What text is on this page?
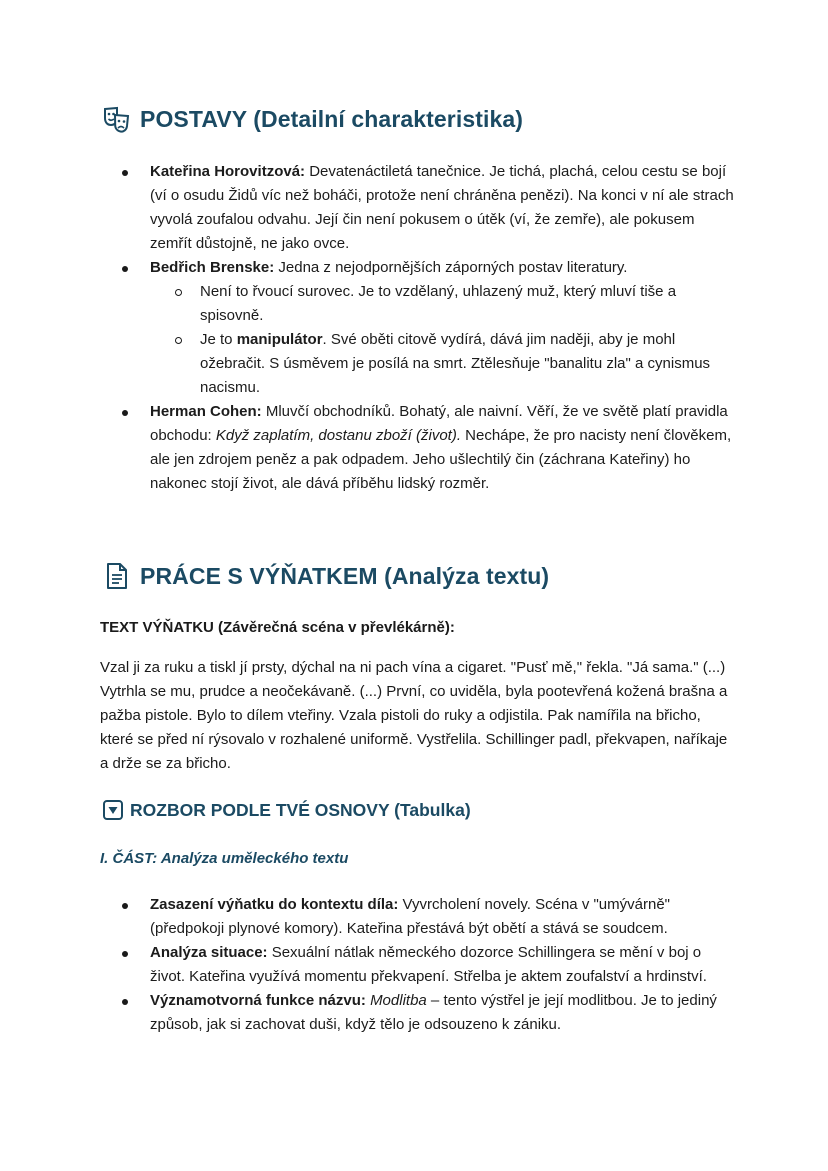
POSTAVY (Detailní charakteristika)
Kateřina Horovitzová: Devatenáctiletá tanečnice. Je tichá, plachá, celou cestu se bojí (ví o osudu Židů víc než boháči, protože není chráněna penězi). Na konci v ní ale strach vyvolá zoufalou odvahu. Její čin není pokusem o útěk (ví, že zemře), ale pokusem zemřít důstojně, ne jako ovce.
Bedřich Brenske: Jedna z nejodpornějších záporných postav literatury.
Není to řvoucí surovec. Je to vzdělaný, uhlazený muž, který mluví tiše a spisovně.
Je to manipulátor. Své oběti citově vydírá, dává jim naději, aby je mohl ožebračit. S úsměvem je posílá na smrt. Ztělesňuje "banalitu zla" a cynismus nacismu.
Herman Cohen: Mluvčí obchodníků. Bohatý, ale naivní. Věří, že ve světě platí pravidla obchodu: Když zaplatím, dostanu zboží (život). Nechápe, že pro nacisty není člověkem, ale jen zdrojem peněz a pak odpadem. Jeho ušlechtilý čin (záchrana Kateřiny) ho nakonec stojí život, ale dává příběhu lidský rozměr.
PRÁCE S VÝŇATKEM (Analýza textu)
TEXT VÝŇATKU (Závěrečná scéna v převlékárně):
Vzal ji za ruku a tiskl jí prsty, dýchal na ni pach vína a cigaret. "Pusť mě," řekla. "Já sama." (...) Vytrhla se mu, prudce a neočekávaně. (...) První, co uviděla, byla pootevřená kožená brašna a pažba pistole. Bylo to dílem vteřiny. Vzala pistoli do ruky a odjistila. Pak namířila na břicho, které se před ní rýsovalo v rozhalené uniformě. Vystřelila. Schillinger padl, překvapen, naříkaje a drže se za břicho.
ROZBOR PODLE TVÉ OSNOVY (Tabulka)
I. ČÁST: Analýza uměleckého textu
Zasazení výňatku do kontextu díla: Vyvrcholení novely. Scéna v "umývárně" (předpokoji plynové komory). Kateřina přestává být obětí a stává se soudcem.
Analýza situace: Sexuální nátlak německého dozorce Schillingera se mění v boj o život. Kateřina využívá momentu překvapení. Střelba je aktem zoufalství a hrdinství.
Významotvorná funkce názvu: Modlitba – tento výstřel je její modlitbou. Je to jediný způsob, jak si zachovat duši, když tělo je odsouzeno k zániku.
